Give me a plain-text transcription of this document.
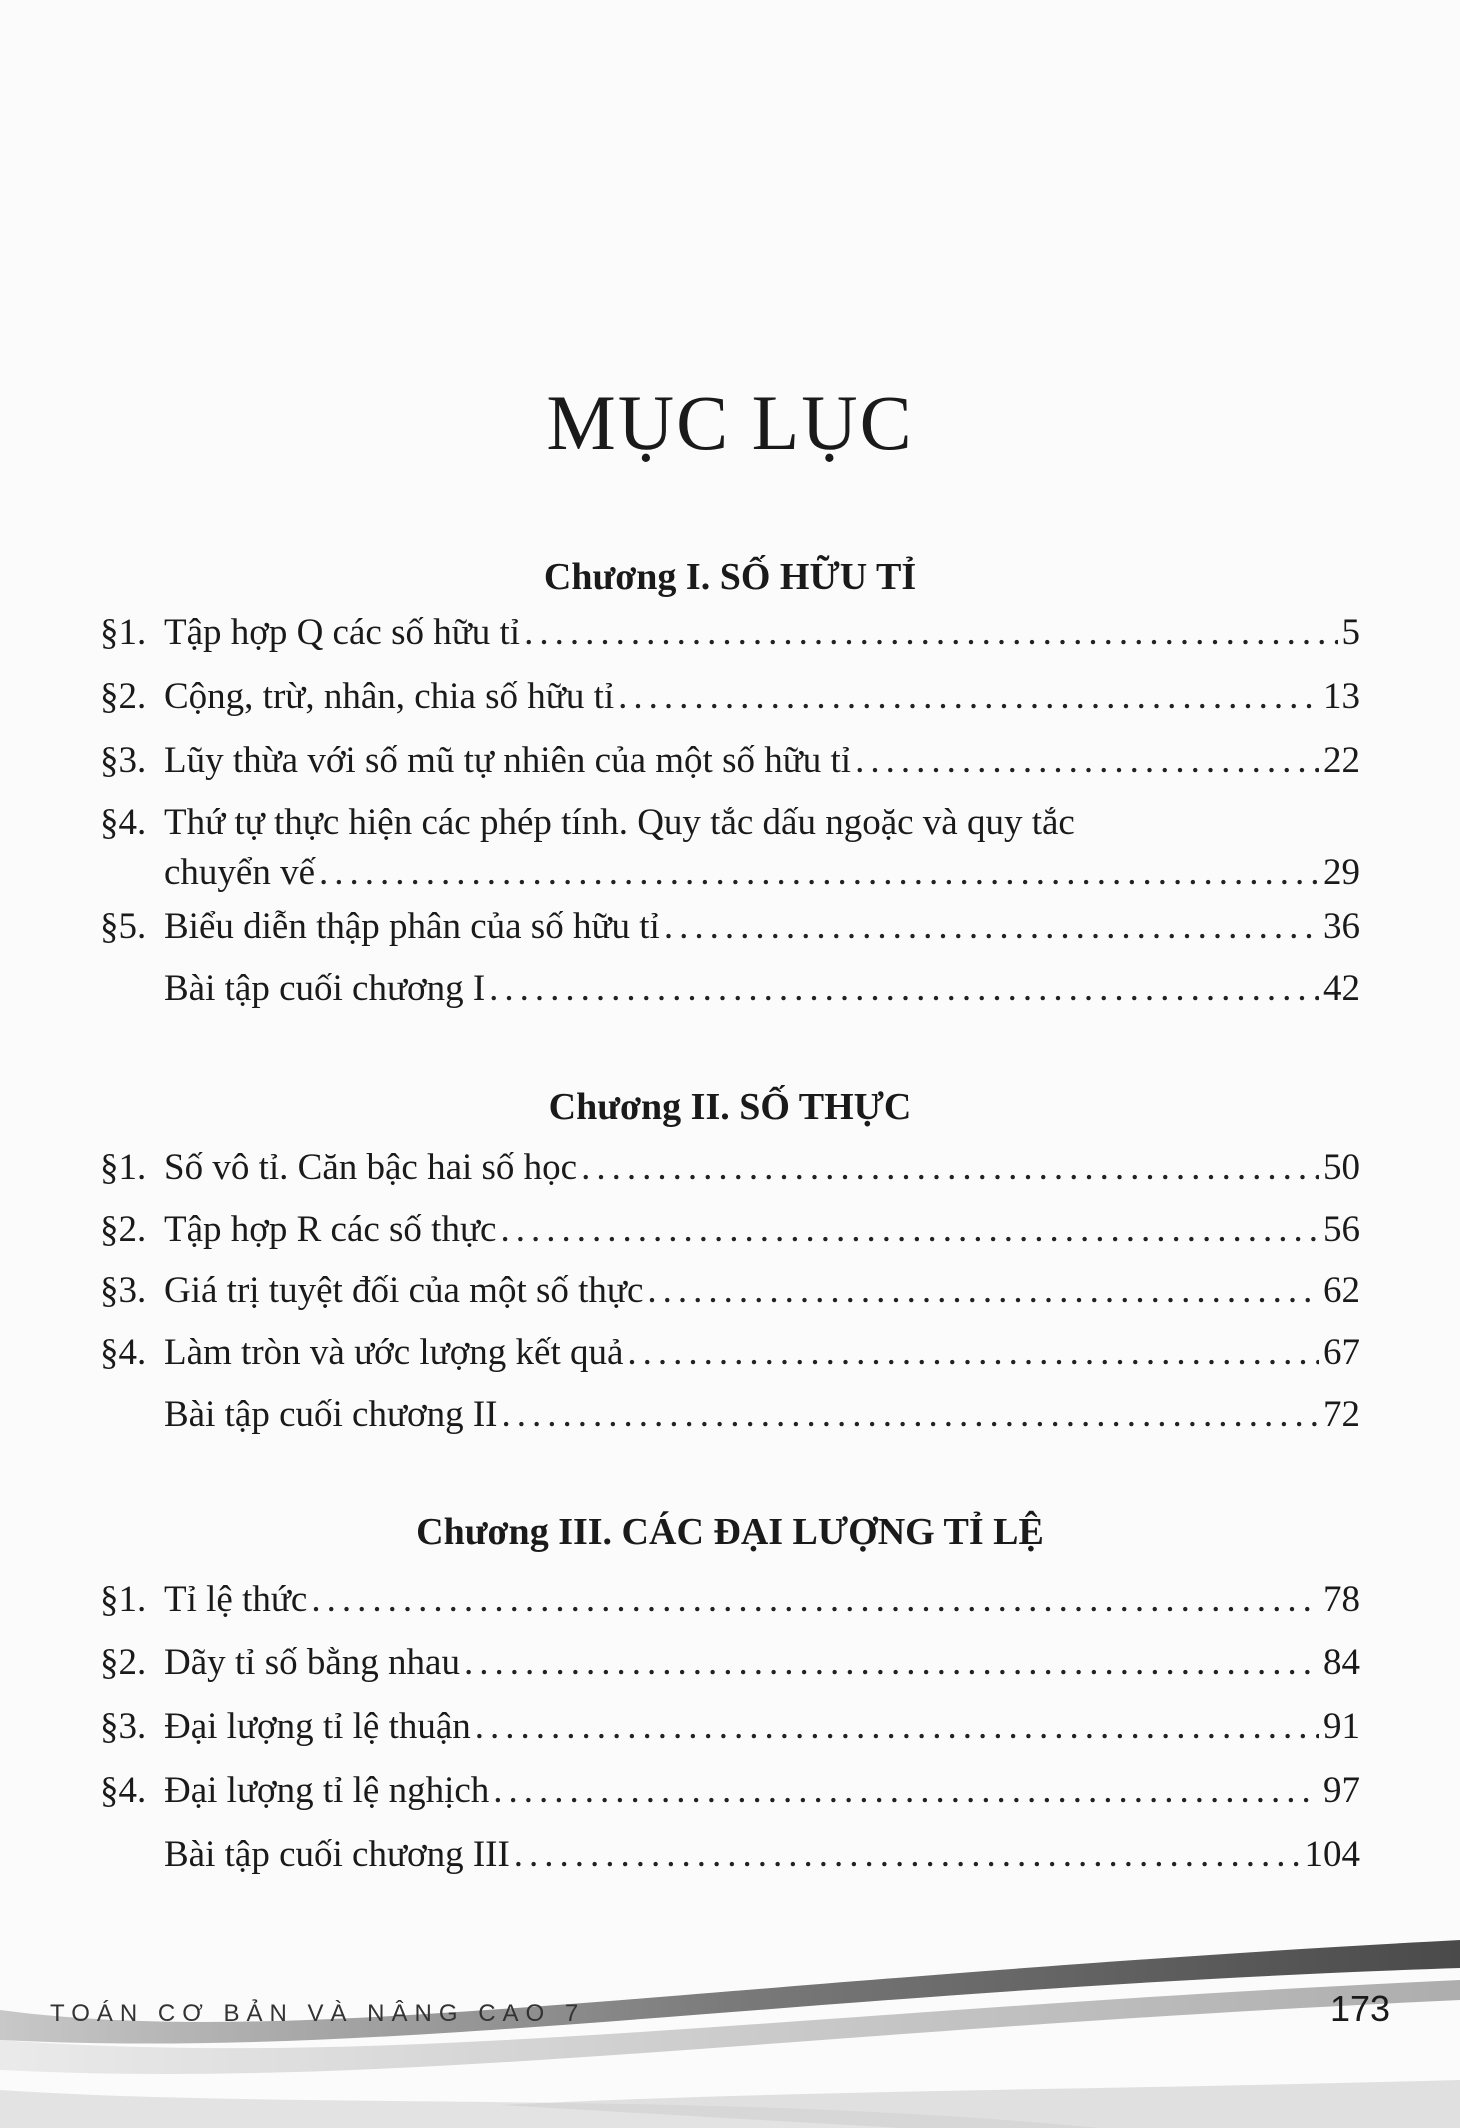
MỤC LỤC
Chương I. SỐ HỮU TỈ
§1. Tập hợp Q các số hữu tỉ .....	5
§2. Cộng, trừ, nhân, chia số hữu tỉ .....	13
§3. Lũy thừa với số mũ tự nhiên của một số hữu tỉ .....	22
§4. Thứ tự thực hiện các phép tính. Quy tắc dấu ngoặc và quy tắc
chuyển vế .....	29
§5. Biểu diễn thập phân của số hữu tỉ .....	36
Bài tập cuối chương I .....	42
Chương II. SỐ THỰC
§1. Số vô tỉ. Căn bậc hai số học .....	50
§2. Tập hợp R các số thực .....	56
§3. Giá trị tuyệt đối của một số thực .....	62
§4. Làm tròn và ước lượng kết quả .....	67
Bài tập cuối chương II .....	72
Chương III. CÁC ĐẠI LƯỢNG TỈ LỆ
§1. Tỉ lệ thức .....	78
§2. Dãy tỉ số bằng nhau .....	84
§3. Đại lượng tỉ lệ thuận .....	91
§4. Đại lượng tỉ lệ nghịch .....	97
Bài tập cuối chương III .....	104
TOÁN CƠ BẢN VÀ NÂNG CAO 7	173
